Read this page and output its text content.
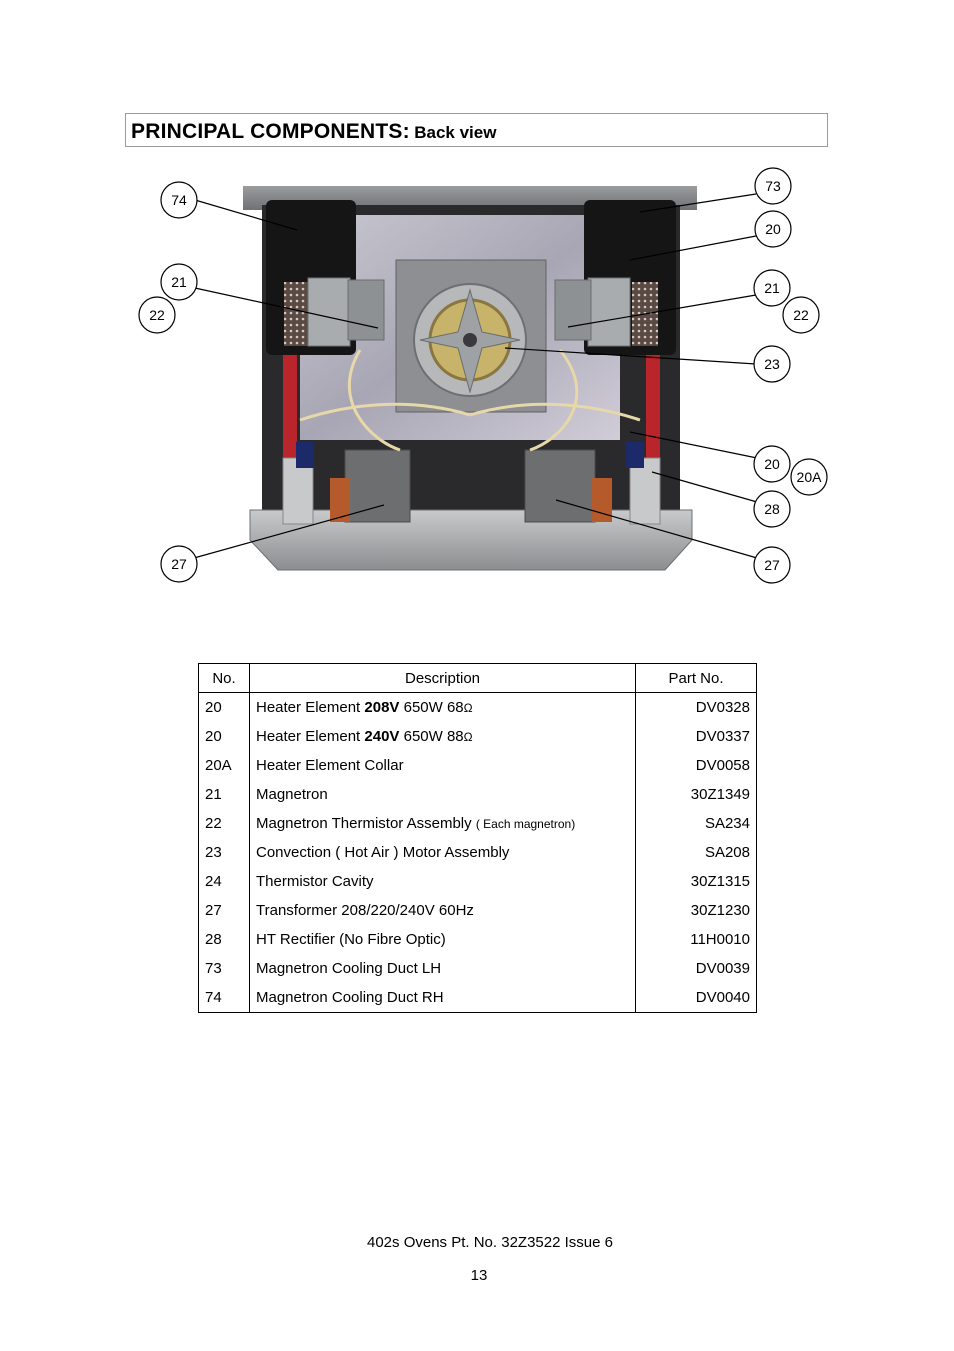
PRINCIPAL COMPONENTS: Back view
74
21
22
27
73
20
21
22
23
20
20A
28
27
No.	Description	Part No.
20	Heater Element 208V 650W 68Ω	DV0328
20	Heater Element 240V 650W 88Ω	DV0337
20A	Heater Element Collar	DV0058
21	Magnetron	30Z1349
22	Magnetron Thermistor Assembly ( Each magnetron)	SA234
23	Convection ( Hot Air ) Motor Assembly	SA208
24	Thermistor Cavity	30Z1315
27	Transformer 208/220/240V 60Hz	30Z1230
28	HT Rectifier (No Fibre Optic)	11H0010
73	Magnetron Cooling Duct LH	DV0039
74	Magnetron Cooling Duct RH	DV0040
402s Ovens Pt. No. 32Z3522 Issue 6
13
